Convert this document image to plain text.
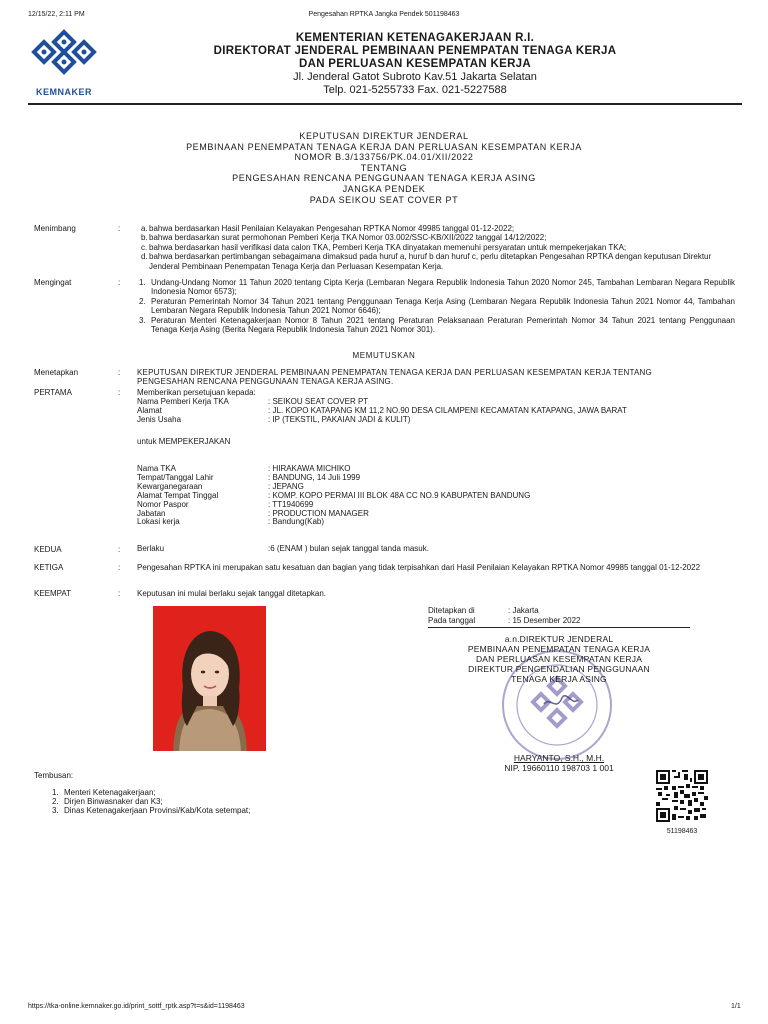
12/15/22, 2:11 PM	Pengesahan RPTKA Jangka Pendek 501198463
KEMNAKER
KEMENTERIAN KETENAGAKERJAAN R.I.
DIREKTORAT JENDERAL PEMBINAAN PENEMPATAN TENAGA KERJA
DAN PERLUASAN KESEMPATAN KERJA
Jl. Jenderal Gatot Subroto Kav.51 Jakarta Selatan
Telp. 021-5255733 Fax. 021-5227588
KEPUTUSAN DIREKTUR JENDERAL
PEMBINAAN PENEMPATAN TENAGA KERJA DAN PERLUASAN KESEMPATAN KERJA
NOMOR B.3/133756/PK.04.01/XII/2022
TENTANG
PENGESAHAN RENCANA PENGGUNAAN TENAGA KERJA ASING
JANGKA PENDEK
PADA SEIKOU SEAT COVER PT
Menimbang	:	a. bahwa berdasarkan Hasil Penilaian Kelayakan Pengesahan RPTKA Nomor 49985 tanggal 01-12-2022;
b. bahwa berdasarkan surat permohonan Pemberi Kerja TKA Nomor 03.002/SSC-KB/XII/2022 tanggal 14/12/2022;
c. bahwa berdasarkan hasil verifikasi data calon TKA, Pemberi Kerja TKA dinyatakan memenuhi persyaratan untuk mempekerjakan TKA;
d. bahwa berdasarkan pertimbangan sebagaimana dimaksud pada huruf a, huruf b dan huruf c, perlu ditetapkan Pengesahan RPTKA dengan keputusan Direktur Jenderal Pembinaan Penempatan Tenaga Kerja dan Perluasan Kesempatan Kerja.
Mengingat	: 1. Undang-Undang Nomor 11 Tahun 2020 tentang Cipta Kerja (Lembaran Negara Republik Indonesia Tahun 2020 Nomor 245, Tambahan Lembaran Negara Republik Indonesia Nomor 6573);
2. Peraturan Pemerintah Nomor 34 Tahun 2021 tentang Penggunaan Tenaga Kerja Asing (Lembaran Negara Republik Indonesia Tahun 2021 Nomor 44, Tambahan Lembaran Negara Republik Indonesia Tahun 2021 Nomor 6646);
3. Peraturan Menteri Ketenagakerjaan Nomor 8 Tahun 2021 tentang Peraturan Pelaksanaan Peraturan Pemerintah Nomor 34 Tahun 2021 tentang Penggunaan Tenaga Kerja Asing (Berita Negara Republik Indonesia Tahun 2021 Nomor 301).
MEMUTUSKAN
Menetapkan	: KEPUTUSAN DIREKTUR JENDERAL PEMBINAAN PENEMPATAN TENAGA KERJA DAN PERLUASAN KESEMPATAN KERJA TENTANG PENGESAHAN RENCANA PENGGUNAAN TENAGA KERJA ASING.
PERTAMA	: Memberikan persetujuan kepada:
Nama Pemberi Kerja TKA	: SEIKOU SEAT COVER PT
Alamat	: JL. KOPO KATAPANG KM 11,2 NO.90 DESA CILAMPENI KECAMATAN KATAPANG, JAWA BARAT
Jenis Usaha	: IP (TEKSTIL, PAKAIAN JADI & KULIT)
untuk MEMPEKERJAKAN
Nama TKA	: HIRAKAWA MICHIKO
Tempat/Tanggal Lahir	: BANDUNG, 14 Juli 1999
Kewarganegaraan	: JEPANG
Alamat Tempat Tinggal	: KOMP. KOPO PERMAI III BLOK 48A CC NO.9 KABUPATEN BANDUNG
Nomor Paspor	: TT1940699
Jabatan	: PRODUCTION MANAGER
Lokasi kerja	: Bandung(Kab)
KEDUA	: Berlaku	:6 (ENAM ) bulan sejak tanggal tanda masuk.
KETIGA	: Pengesahan RPTKA ini merupakan satu kesatuan dan bagian yang tidak terpisahkan dari Hasil Penilaian Kelayakan RPTKA Nomor 49985 tanggal 01-12-2022
KEEMPAT	: Keputusan ini mulai berlaku sejak tanggal ditetapkan.
Ditetapkan di	: Jakarta
Pada tanggal	: 15 Desember 2022
a.n.DIREKTUR JENDERAL
PEMBINAAN PENEMPATAN TENAGA KERJA
DAN PERLUASAN KESEMPATAN KERJA
DIREKTUR PENGENDALIAN PENGGUNAAN
TENAGA KERJA ASING
HARYANTO, S.H., M.H.
NIP. 19660110 198703 1 001
51198463
Tembusan:
1. Menteri Ketenagakerjaan;
2. Dirjen Binwasnaker dan K3;
3. Dinas Ketenagakerjaan Provinsi/Kab/Kota setempat;
https://tka-online.kemnaker.go.id/print_sottf_rptk.asp?t=s&id=1198463	1/1
